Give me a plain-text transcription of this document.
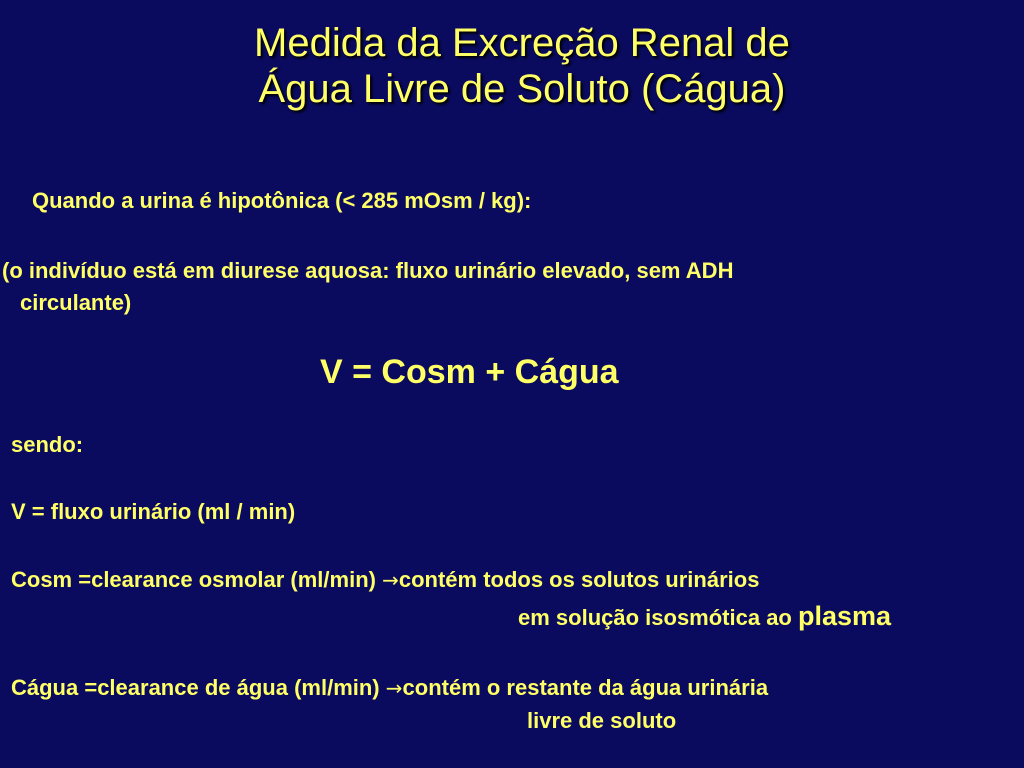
Medida da Excreção Renal de
Água Livre de Soluto (Cágua)
Quando a urina é hipotônica (< 285 mOsm / kg):
(o indivíduo está em diurese aquosa: fluxo urinário elevado, sem ADH
circulante)
V = Cosm + Cágua
sendo:
V = fluxo urinário (ml / min)
Cosm =clearance osmolar (ml/min) →contém todos os solutos urinários
em solução isosmótica ao plasma
Cágua =clearance de água (ml/min) →contém o restante da água urinária
livre de soluto
